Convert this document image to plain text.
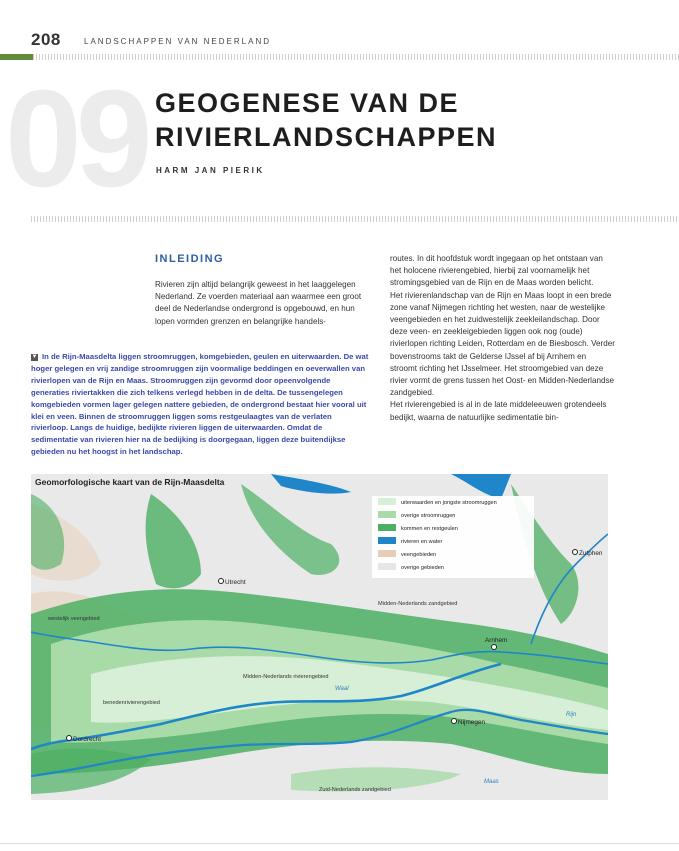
208	LANDSCHAPPEN VAN NEDERLAND
09 GEOGENESE VAN DE
RIVIERLANDSCHAPPEN
HARM JAN PIERIK
INLEIDING
Rivieren zijn altijd belangrijk geweest in het laaggelegen Nederland. Ze voerden materiaal aan waarmee een groot deel de Nederlandse ondergrond is opgebouwd, en hun lopen vormden grenzen en belangrijke handels-
routes. In dit hoofdstuk wordt ingegaan op het ontstaan van het holocene rivierengebied, hierbij zal voornamelijk het stromingsgebied van de Rijn en de Maas worden belicht.
Het rivierenlandschap van de Rijn en Maas loopt in een brede zone vanaf Nijmegen richting het westen, naar de westelijke veengebieden en het zuidwestelijk zeekleilandschap. Door deze veen- en zeekleigebieden liggen ook nog (oude) rivierlopen richting Leiden, Rotterdam en de Biesbosch. Verder bovenstrooms takt de Gelderse IJssel af bij Arnhem en stroomt richting het IJsselmeer. Het stroomgebied van deze rivier vormt de grens tussen het Oost- en Midden-Nederlandse zandgebied.
Het rivierengebied is al in de late middeleeuwen grotendeels bedijkt, waarna de natuurlijke sedimentatie bin-
▼ In de Rijn-Maasdelta liggen stroomruggen, komgebieden, geulen en uiterwaarden. De wat hoger gelegen en vrij zandige stroomruggen zijn voormalige beddingen en oeverwallen van rivierlopen van de Rijn en Maas. Stroomruggen zijn gevormd door opeenvolgende generaties riviertakken die zich telkens verlegd hebben in de delta. De tussengelegen komgebieden vormen lager gelegen nattere gebieden, de ondergrond bestaat hier vooral uit klei en veen. Binnen de stroomruggen liggen soms restgeulaagtes van de verlaten rivierloop. Langs de huidige, bedijkte rivieren liggen de uiterwaarden. Omdat de sedimentatie van rivieren hier na de bedijking is doorgegaan, liggen deze buitendijkse gebieden nu het hoogst in het landschap.
Geomorfologische kaart van de Rijn-Maasdelta
uiterwaarden en jongste stroomruggen
overige stroomruggen
kommen en restgeulen
rivieren en water
veengebieden
overige gebieden
Utrecht
Zutphen
Arnhem

Nijmegen
Dordrecht
westelijk veengebied
Midden-Nederlands zandgebied
Midden-Nederlands rivierengebied
benedenrivierengebied
Zuid-Nederlands zandgebied
Waal
Rijn
Maas
